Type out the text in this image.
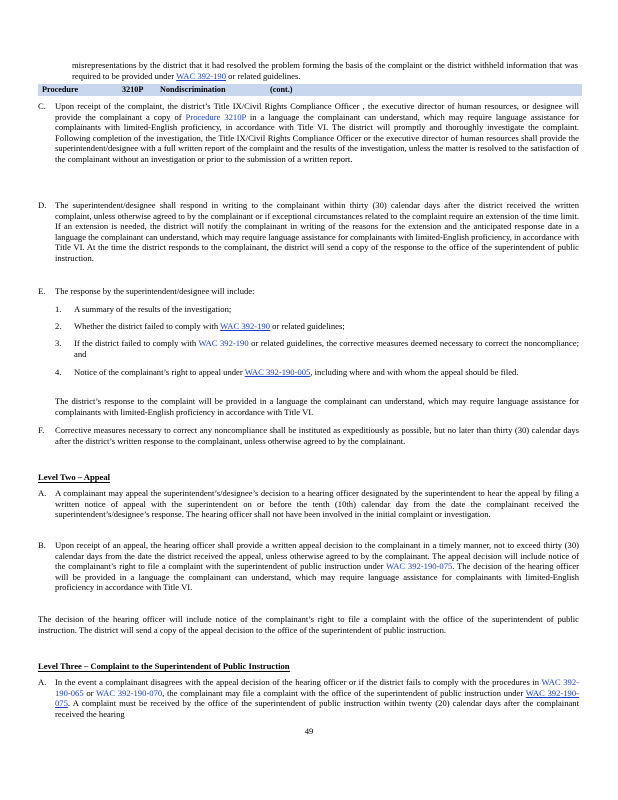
misrepresentations by the district that it had resolved the problem forming the basis of the complaint or the district withheld information that was required to be provided under WAC 392-190 or related guidelines.
Procedure	3210P Nondiscrimination	(cont.)
C. Upon receipt of the complaint, the district’s Title IX/Civil Rights Compliance Officer , the executive director of human resources, or designee will provide the complainant a copy of Procedure 3210P in a language the complainant can understand, which may require language assistance for complainants with limited-English proficiency, in accordance with Title VI. The district will promptly and thoroughly investigate the complaint. Following completion of the investigation, the Title IX/Civil Rights Compliance Officer or the executive director of human resources shall provide the superintendent/designee with a full written report of the complaint and the results of the investigation, unless the matter is resolved to the satisfaction of the complainant without an investigation or prior to the submission of a written report.
D. The superintendent/designee shall respond in writing to the complainant within thirty (30) calendar days after the district received the written complaint, unless otherwise agreed to by the complainant or if exceptional circumstances related to the complaint require an extension of the time limit. If an extension is needed, the district will notify the complainant in writing of the reasons for the extension and the anticipated response date in a language the complainant can understand, which may require language assistance for complainants with limited-English proficiency, in accordance with Title VI. At the time the district responds to the complainant, the district will send a copy of the response to the office of the superintendent of public instruction.
E. The response by the superintendent/designee will include:
1. A summary of the results of the investigation;
2. Whether the district failed to comply with WAC 392-190 or related guidelines;
3. If the district failed to comply with WAC 392-190 or related guidelines, the corrective measures deemed necessary to correct the noncompliance; and
4. Notice of the complainant’s right to appeal under WAC 392-190-005, including where and with whom the appeal should be filed.
The district’s response to the complaint will be provided in a language the complainant can understand, which may require language assistance for complainants with limited-English proficiency in accordance with Title VI.
F. Corrective measures necessary to correct any noncompliance shall be instituted as expeditiously as possible, but no later than thirty (30) calendar days after the district’s written response to the complainant, unless otherwise agreed to by the complainant.
Level Two – Appeal
A. A complainant may appeal the superintendent’s/designee’s decision to a hearing officer designated by the superintendent to hear the appeal by filing a written notice of appeal with the superintendent on or before the tenth (10th) calendar day from the date the complainant received the superintendent’s/designee’s response. The hearing officer shall not have been involved in the initial complaint or investigation.
B. Upon receipt of an appeal, the hearing officer shall provide a written appeal decision to the complainant in a timely manner, not to exceed thirty (30) calendar days from the date the district received the appeal, unless otherwise agreed to by the complainant. The appeal decision will include notice of the complainant’s right to file a complaint with the superintendent of public instruction under WAC 392-190-075. The decision of the hearing officer will be provided in a language the complainant can understand, which may require language assistance for complainants with limited-English proficiency in accordance with Title VI.
The decision of the hearing officer will include notice of the complainant’s right to file a complaint with the office of the superintendent of public instruction. The district will send a copy of the appeal decision to the office of the superintendent of public instruction.
Level Three – Complaint to the Superintendent of Public Instruction
A. In the event a complainant disagrees with the appeal decision of the hearing officer or if the district fails to comply with the procedures in WAC 392-190-065 or WAC 392-190-070, the complainant may file a complaint with the office of the superintendent of public instruction under WAC 392-190-075. A complaint must be received by the office of the superintendent of public instruction within twenty (20) calendar days after the complainant received the hearing
49
